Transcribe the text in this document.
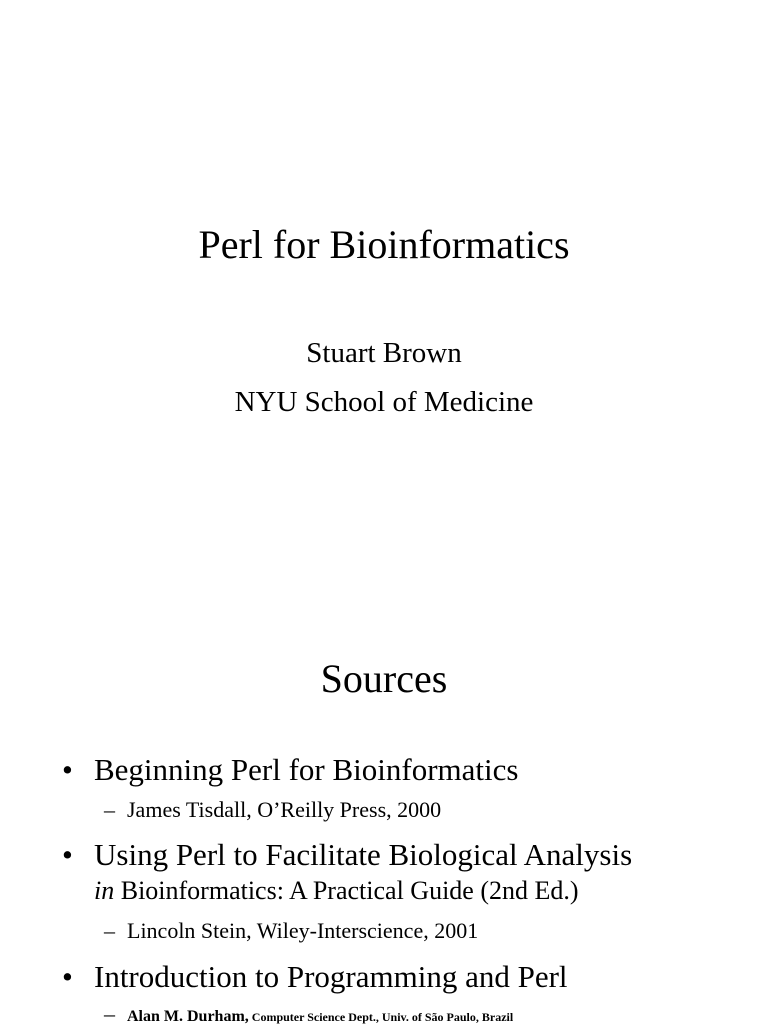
Perl for Bioinformatics
Stuart Brown
NYU School of Medicine
Sources
• Beginning Perl for Bioinformatics
– James Tisdall, O’Reilly Press, 2000
• Using Perl to Facilitate Biological Analysis
in Bioinformatics: A Practical Guide (2nd Ed.)
– Lincoln Stein, Wiley-Interscience, 2001
• Introduction to Programming and Perl
– Alan M. Durham, Computer Science Dept., Univ. of São Paulo, Brazil
